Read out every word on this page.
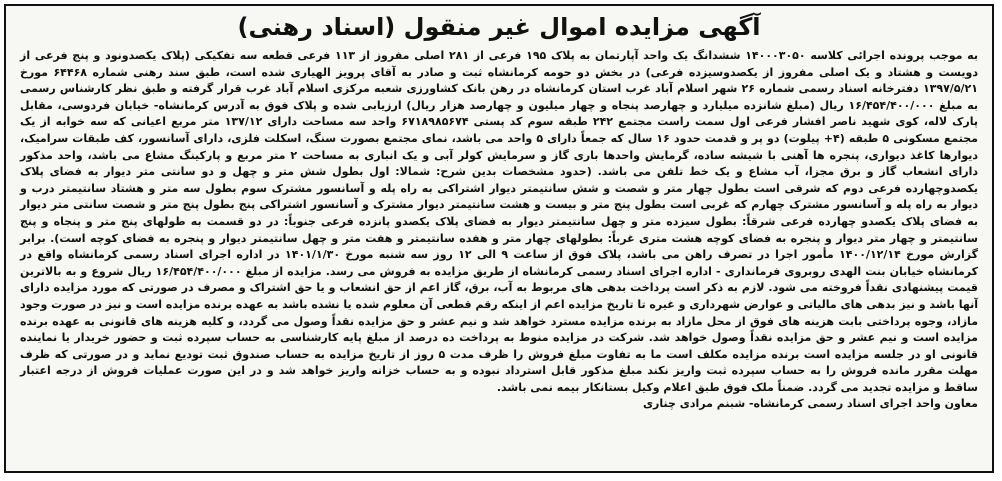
آگهی مزایده اموال غیر منقول (اسناد رهنی)
به موجب پرونده اجرائی کلاسه ۱۴۰۰۰۳۰۵۰ ششدانگ یک واحد آپارتمان به پلاک ۱۹۵ فرعی از ۲۸۱ اصلی مفروز از ۱۱۳ فرعی قطعه سه تفکیکی (پلاک یکصدونود و پنج فرعی از دویست و هشتاد و یک اصلی مفروز از یکصدوسیزده فرعی) در بخش دو حومه کرمانشاه ثبت و صادر به آقای پرویز الهیاری شده است، طبق سند رهنی شماره ۶۴۴۶۸ مورخ ۱۳۹۷/۵/۲۱ دفترخانه اسناد رسمی شماره ۲۶ شهر اسلام آباد غرب استان کرمانشاه در رهن بانک کشاورزی شعبه مرکزی اسلام آباد غرب قرار گرفته و طبق نظر کارشناس رسمی به مبلغ ۱۶/۴۵۴/۴۰۰/۰۰۰ ریال (مبلغ شانزده میلیارد و چهارصد پنجاه و چهار میلیون و چهارصد هزار ریال) ارزیابی شده و پلاک فوق به آدرس کرمانشاه- خیابان فردوسی، مقابل پارک لاله، کوی شهید ناصر افشار فرعی اول سمت راست مجتمع ۲۴۲ طبقه سوم کد پستی ۶۷۱۸۹۸۵۶۷۴ واحد سه مساحت دارای ۱۳۷/۱۲ متر مربع اعیانی که سه خوابه از یک مجتمع مسکونی ۵ طبقه (۴+ پیلوت) دو پر و قدمت حدود ۱۶ سال که جمعاً دارای ۵ واحد می باشد، نمای مجتمع بصورت سنگ، اسکلت فلزی، دارای آسانسور، کف طبقات سرامیک، دیوارها کاغذ دیواری، پنجره ها آهنی با شیشه ساده، گرمایش واحدها باری گاز و سرمایش کولر آبی و یک انباری به مساحت ۲ متر مربع و پارکینگ مشاع می باشد، واحد مذکور دارای انشعاب گاز و برق مجزا، آب مشاع و یک خط تلفن می باشد. (حدود مشخصات بدین شرح: شمالا: اول بطول شش متر و چهل و دو سانتی متر دیوار به فضای پلاک یکصدوچهارده فرعی دوم که شرقی است بطول چهار متر و شصت و شش سانتیمتر دیوار اشتراکی به راه پله و آسانسور مشترک سوم بطول سه متر و هشتاد سانتیمتر درب و دیوار به راه پله و آسانسور مشترک چهارم که غربی است بطول پنج متر و بیست و هشت سانتیمتر دیوار مشترک و آسانسور اشتراکی پنج بطول پنج متر و شصت سانتی متر دیوار به فضای پلاک یکصدو چهارده فرعی شرقاً: بطول سیزده متر و چهل سانتیمتر دیوار به فضای پلاک یکصدو پانزده فرعی جنوباً: در دو قسمت به طولهای پنج متر و پنجاه و پنج سانتیمتر و چهار متر دیوار و پنجره به فضای کوچه هشت متری غرباً: بطولهای چهار متر و هفده سانتیمتر و هفت متر و چهل سانتیمتر دیوار و پنجره به فضای کوچه است). برابر گزارش مورخ ۱۴۰۰/۱۲/۱۴ مأمور اجرا در تصرف راهن می باشد، پلاک فوق از ساعت ۹ الی ۱۲ روز سه شنبه مورخ ۱۴۰۱/۱/۳۰ در اداره اجرای اسناد رسمی کرمانشاه واقع در کرمانشاه خیابان بنت الهدی روبروی فرمانداری - اداره اجرای اسناد رسمی کرمانشاه از طریق مزایده به فروش می رسد. مزایده از مبلغ ۱۶/۴۵۴/۴۰۰/۰۰۰ ریال شروع و به بالاترین قیمت پیشنهادی نقداً فروخته می شود. لازم به ذکر است پرداخت بدهی های مربوط به آب، برق، گاز اعم از حق انشعاب و یا حق اشتراک و مصرف در صورتی که مورد مزایده دارای آنها باشد و نیز بدهی های مالیاتی و عوارض شهرداری و غیره تا تاریخ مزایده اعم از اینکه رقم قطعی آن معلوم شده یا نشده باشد به عهده برنده مزایده است و نیز در صورت وجود مازاد، وجوه پرداختی بابت هزینه های فوق از محل مازاد به برنده مزایده مسترد خواهد شد و نیم عشر و حق مزایده نقداً وصول می گردد، و کلیه هزینه های قانونی به عهده برنده مزایده است و نیم عشر و حق مزایده نقداً وصول خواهد شد. شرکت در مزایده منوط به پرداخت ده درصد از مبلغ پایه کارشناسی به حساب سپرده ثبت و حضور خریدار یا نماینده قانونی او در جلسه مزایده است برنده مزایده مکلف است ما به تفاوت مبلغ فروش را ظرف مدت ۵ روز از تاریخ مزایده به حساب صندوق ثبت تودیع نماید و در صورتی که ظرف مهلت مقرر مانده فروش را به حساب سپرده ثبت واریز نکند مبلغ مذکور قابل استرداد نبوده و به حساب خزانه واریز خواهد شد و در این صورت عملیات فروش از درجه اعتبار ساقط و مزایده تجدید می گردد. ضمناً ملک فوق طبق اعلام وکیل بستانکار بیمه نمی باشد.
معاون واحد اجرای اسناد رسمی کرمانشاه- شبنم مرادی چناری
